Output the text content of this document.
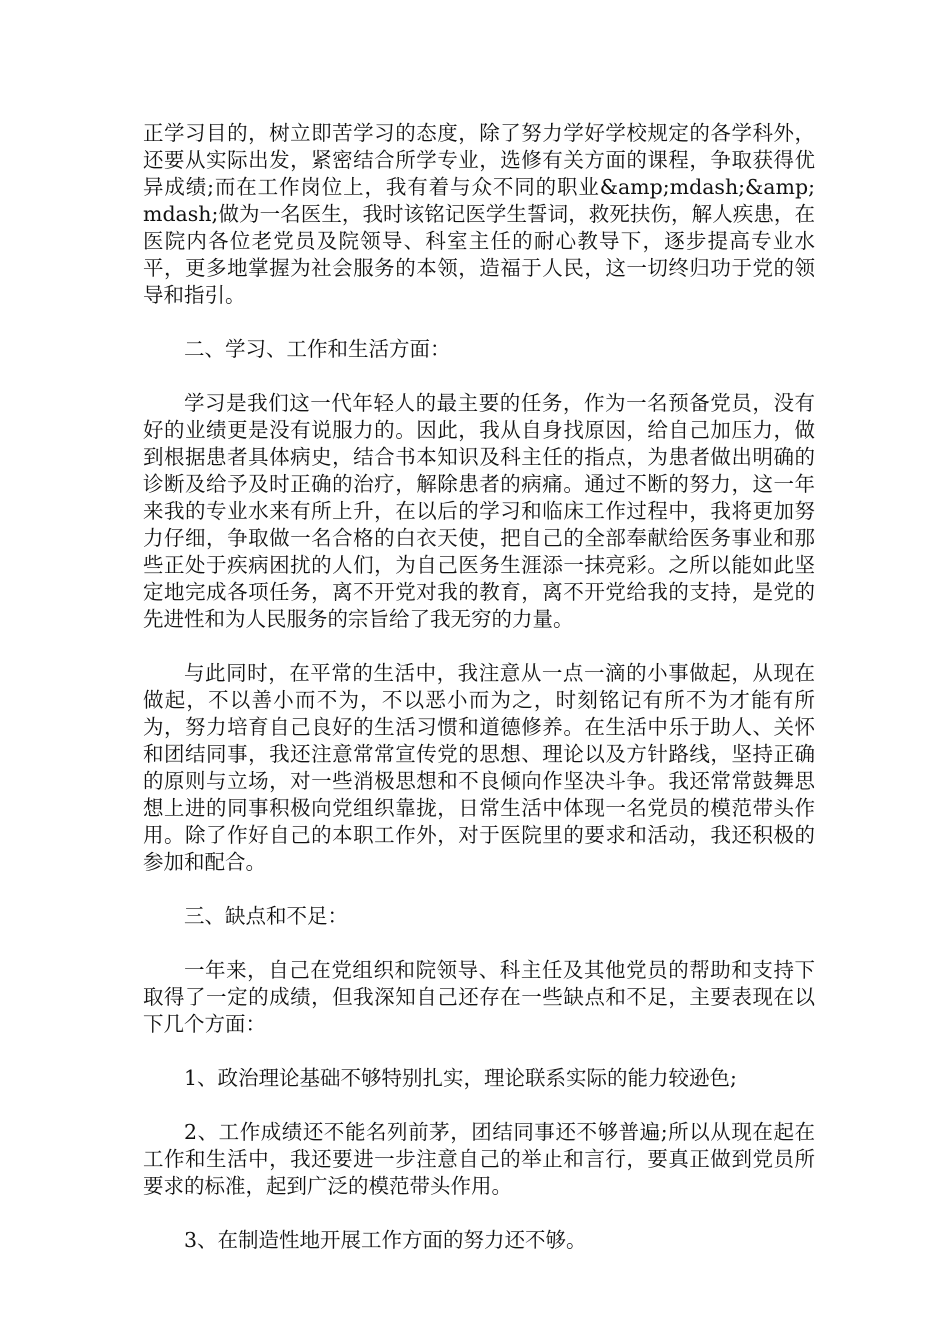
正学习目的，树立即苦学习的态度，除了努力学好学校规定的各学科外，还要从实际出发，紧密结合所学专业，选修有关方面的课程，争取获得优异成绩;而在工作岗位上，我有着与众不同的职业&amp;mdash;&amp;mdash;做为一名医生，我时该铭记医学生誓词，救死扶伤，解人疾患，在医院内各位老党员及院领导、科室主任的耐心教导下，逐步提高专业水平，更多地掌握为社会服务的本领，造福于人民，这一切终归功于党的领导和指引。

二、学习、工作和生活方面：

学习是我们这一代年轻人的最主要的任务，作为一名预备党员，没有好的业绩更是没有说服力的。因此，我从自身找原因，给自己加压力，做到根据患者具体病史，结合书本知识及科主任的指点，为患者做出明确的诊断及给予及时正确的治疗，解除患者的病痛。通过不断的努力，这一年来我的专业水来有所上升，在以后的学习和临床工作过程中，我将更加努力仔细，争取做一名合格的白衣天使，把自己的全部奉献给医务事业和那些正处于疾病困扰的人们，为自己医务生涯添一抹亮彩。之所以能如此坚定地完成各项任务，离不开党对我的教育，离不开党给我的支持，是党的先进性和为人民服务的宗旨给了我无穷的力量。

与此同时，在平常的生活中，我注意从一点一滴的小事做起，从现在做起，不以善小而不为，不以恶小而为之，时刻铭记有所不为才能有所为，努力培育自己良好的生活习惯和道德修养。在生活中乐于助人、关怀和团结同事，我还注意常常宣传党的思想、理论以及方针路线，坚持正确的原则与立场，对一些消极思想和不良倾向作坚决斗争。我还常常鼓舞思想上进的同事积极向党组织靠拢，日常生活中体现一名党员的模范带头作用。除了作好自己的本职工作外，对于医院里的要求和活动，我还积极的参加和配合。

三、缺点和不足：

一年来，自己在党组织和院领导、科主任及其他党员的帮助和支持下取得了一定的成绩，但我深知自己还存在一些缺点和不足，主要表现在以下几个方面：

1、政治理论基础不够特别扎实，理论联系实际的能力较逊色;

2、工作成绩还不能名列前茅，团结同事还不够普遍;所以从现在起在工作和生活中，我还要进一步注意自己的举止和言行，要真正做到党员所要求的标准，起到广泛的模范带头作用。

3、在制造性地开展工作方面的努力还不够。
